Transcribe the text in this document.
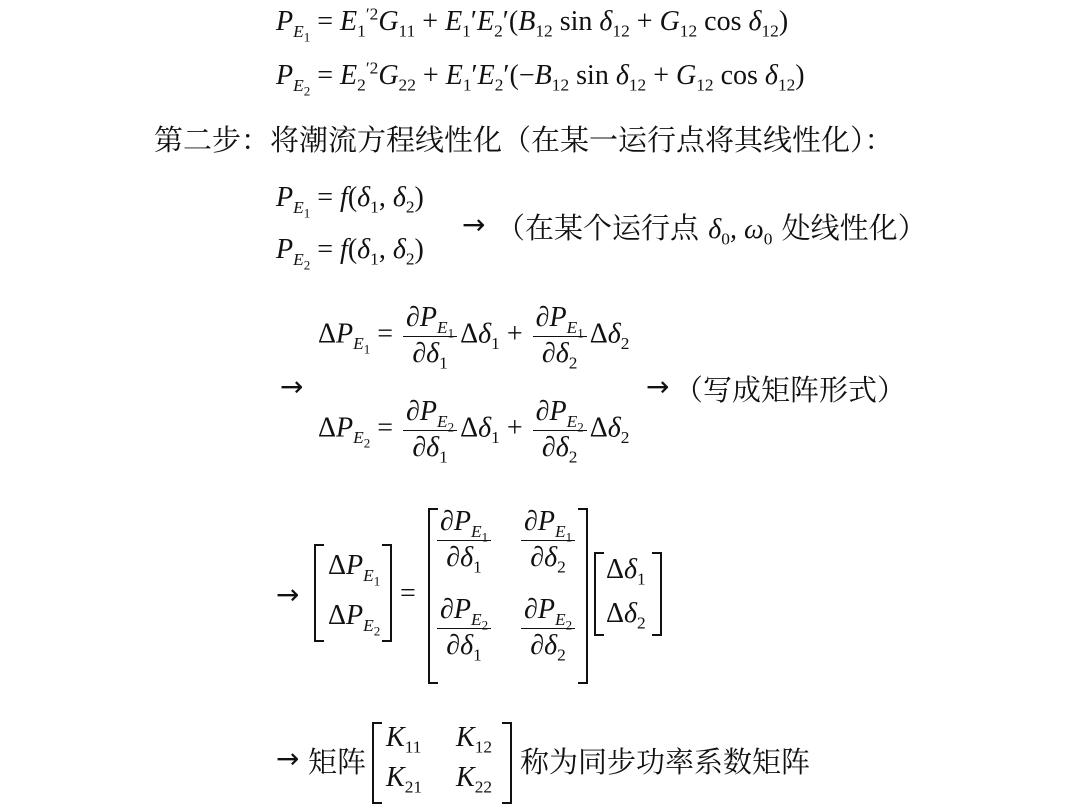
$P_{E_1} = E_1^{'2}G_{11} + E_1'E_2'(B_{12}$ $\sin \delta_{12} + G_{12}$ $\cos \delta_{12}$)
$P_{E_2} = E_2^{'2}G_{22} + E_1'E_2'(-B_{12}$ $\sin \delta_{12} + G_{12}$ $\cos \delta_{12}$)
第二步：将潮流方程线性化（在某一运行点将其线性化）：
$P_{E_1} = f(\delta_1$, $\delta_2$)
$P_{E_2} = f(\delta_1$, $\delta_2$)
→ （在某个运行点 $\delta_0$, $\omega_0$ 处线性化）
→
$\Delta P_{E_1} = \frac{\partial P_{E_1}}{\partial\delta_1} \Delta\delta_1 + \frac{\partial P_{E_1}}{\partial\delta_2} \Delta\delta_2$
$\Delta P_{E_2} = \frac{\partial P_{E_2}}{\partial\delta_1} \Delta\delta_1 + \frac{\partial P_{E_2}}{\partial\delta_2} \Delta\delta_2$
→ （写成矩阵形式）
→
$\Delta P_{E_1}$
$\Delta P_{E_2}$
=
$\frac{\partial P_{E_1}}{\partial\delta_1} \frac{\partial P_{E_1}}{\partial\delta_2}$
$\frac{\partial P_{E_2}}{\partial\delta_1} \frac{\partial P_{E_2}}{\partial\delta_2}$
$\Delta\delta_1$
$\Delta\delta_2$
→ 矩阵
$K_{11}$ $K_{12}$
$K_{21}$ $K_{22}$
称为同步功率系数矩阵
